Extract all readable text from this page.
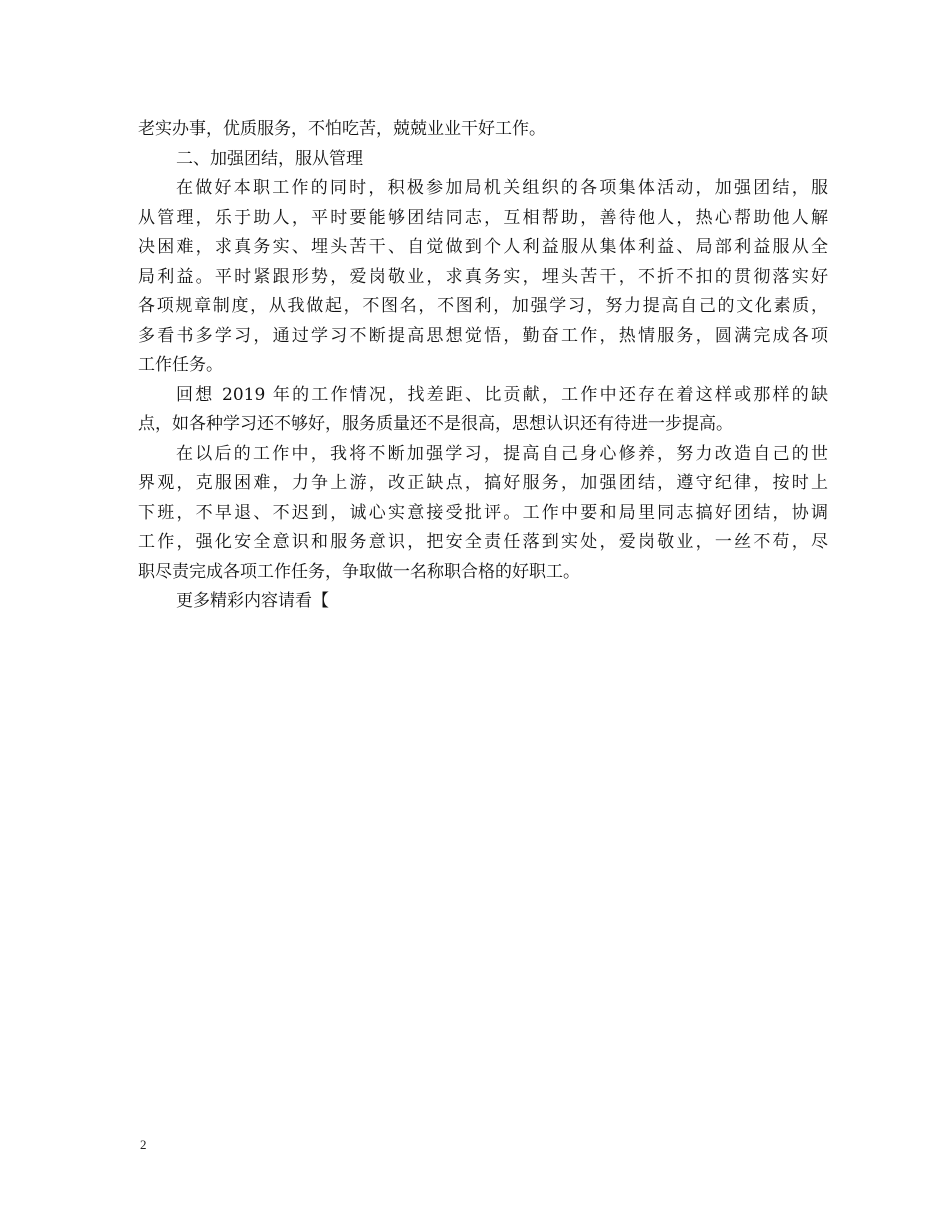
老实办事，优质服务，不怕吃苦，兢兢业业干好工作。
二、加强团结，服从管理
在做好本职工作的同时，积极参加局机关组织的各项集体活动，加强团结，服
从管理，乐于助人，平时要能够团结同志，互相帮助，善待他人，热心帮助他人解
决困难，求真务实、埋头苦干、自觉做到个人利益服从集体利益、局部利益服从全
局利益。平时紧跟形势，爱岗敬业，求真务实，埋头苦干，不折不扣的贯彻落实好
各项规章制度，从我做起，不图名，不图利，加强学习，努力提高自己的文化素质，
多看书多学习，通过学习不断提高思想觉悟，勤奋工作，热情服务，圆满完成各项
工作任务。
回想 2019 年的工作情况，找差距、比贡献，工作中还存在着这样或那样的缺
点，如各种学习还不够好，服务质量还不是很高，思想认识还有待进一步提高。
在以后的工作中，我将不断加强学习，提高自己身心修养，努力改造自己的世
界观，克服困难，力争上游，改正缺点，搞好服务，加强团结，遵守纪律，按时上
下班，不早退、不迟到，诚心实意接受批评。工作中要和局里同志搞好团结，协调
工作，强化安全意识和服务意识，把安全责任落到实处，爱岗敬业，一丝不苟，尽
职尽责完成各项工作任务，争取做一名称职合格的好职工。
更多精彩内容请看【
2
